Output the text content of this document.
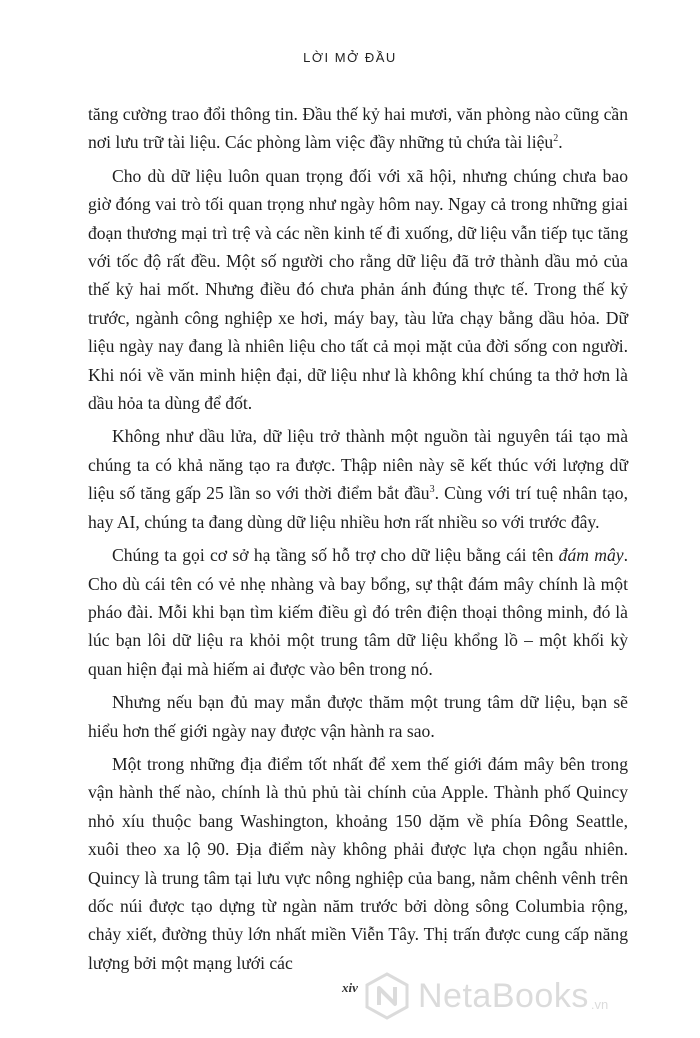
LỜI MỞ ĐẦU

tăng cường trao đổi thông tin. Đầu thế kỷ hai mươi, văn phòng nào cũng cần nơi lưu trữ tài liệu. Các phòng làm việc đầy những tủ chứa tài liệu$^2$.

Cho dù dữ liệu luôn quan trọng đối với xã hội, nhưng chúng chưa bao giờ đóng vai trò tối quan trọng như ngày hôm nay. Ngay cả trong những giai đoạn thương mại trì trệ và các nền kinh tế đi xuống, dữ liệu vẫn tiếp tục tăng với tốc độ rất đều. Một số người cho rằng dữ liệu đã trở thành dầu mỏ của thế kỷ hai mốt. Nhưng điều đó chưa phản ánh đúng thực tế. Trong thế kỷ trước, ngành công nghiệp xe hơi, máy bay, tàu lửa chạy bằng dầu hỏa. Dữ liệu ngày nay đang là nhiên liệu cho tất cả mọi mặt của đời sống con người. Khi nói về văn minh hiện đại, dữ liệu như là không khí chúng ta thở hơn là dầu hỏa ta dùng để đốt.

Không như dầu lửa, dữ liệu trở thành một nguồn tài nguyên tái tạo mà chúng ta có khả năng tạo ra được. Thập niên này sẽ kết thúc với lượng dữ liệu số tăng gấp 25 lần so với thời điểm bắt đầu$^3$. Cùng với trí tuệ nhân tạo, hay AI, chúng ta đang dùng dữ liệu nhiều hơn rất nhiều so với trước đây.

Chúng ta gọi cơ sở hạ tầng số hỗ trợ cho dữ liệu bằng cái tên đám mây. Cho dù cái tên có vẻ nhẹ nhàng và bay bổng, sự thật đám mây chính là một pháo đài. Mỗi khi bạn tìm kiếm điều gì đó trên điện thoại thông minh, đó là lúc bạn lôi dữ liệu ra khỏi một trung tâm dữ liệu khổng lồ – một khối kỳ quan hiện đại mà hiếm ai được vào bên trong nó.

Nhưng nếu bạn đủ may mắn được thăm một trung tâm dữ liệu, bạn sẽ hiểu hơn thế giới ngày nay được vận hành ra sao.

Một trong những địa điểm tốt nhất để xem thế giới đám mây bên trong vận hành thế nào, chính là thủ phủ tài chính của Apple. Thành phố Quincy nhỏ xíu thuộc bang Washington, khoảng 150 dặm về phía Đông Seattle, xuôi theo xa lộ 90. Địa điểm này không phải được lựa chọn ngẫu nhiên. Quincy là trung tâm tại lưu vực nông nghiệp của bang, nằm chênh vênh trên dốc núi được tạo dựng từ ngàn năm trước bởi dòng sông Columbia rộng, chảy xiết, đường thủy lớn nhất miền Viễn Tây. Thị trấn được cung cấp năng lượng bởi một mạng lưới các

xiv	NetaBooks .vn
